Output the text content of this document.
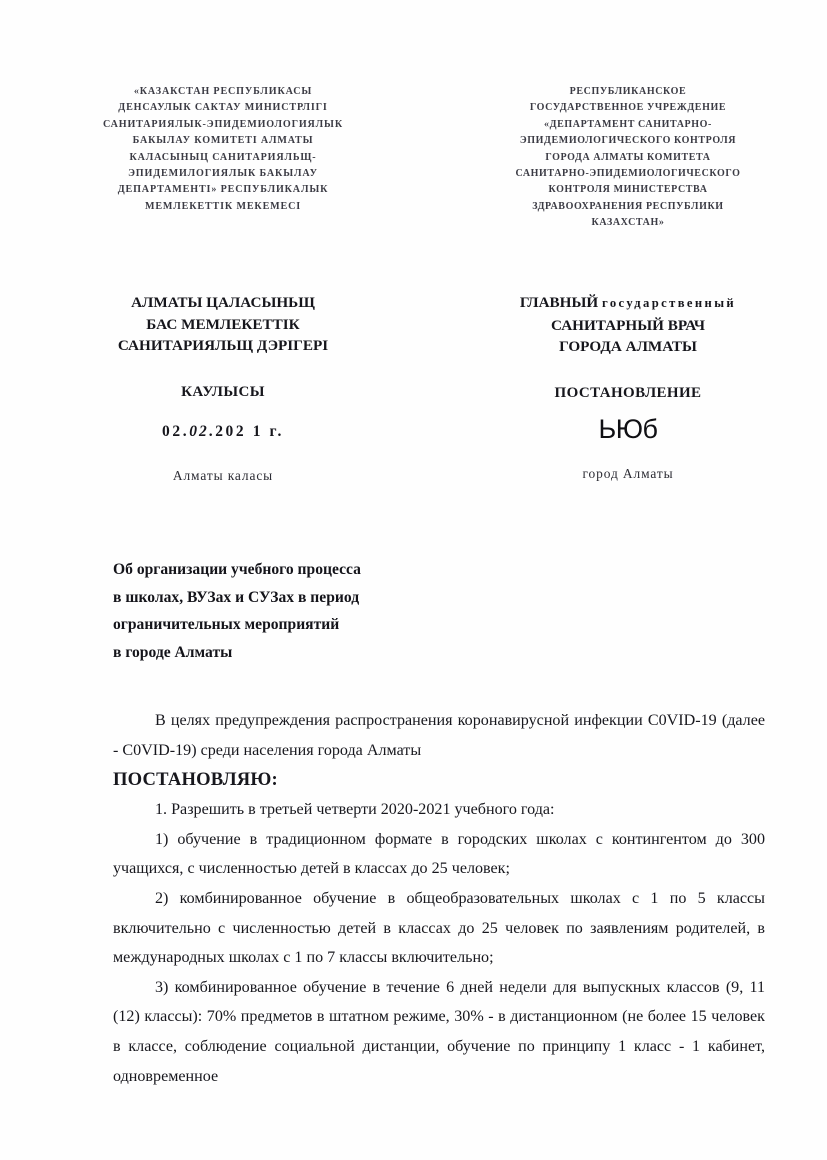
«КАЗАКСТАН РЕСПУБЛИКАСЫ
ДЕНСАУЛЫК САКТАУ МИНИСТРЛIГI
САНИТАРИЯЛЫК-ЭПИДЕМИОЛОГИЯЛЫК
БАКЫЛАУ КОМИТЕТI АЛМАТЫ
КАЛАСЫНЫЦ САНИТАРИЯЛЬЩ-
ЭПИДЕМИЛОГИЯЛЫК БАКЫЛАУ
ДЕПАРТАМЕНТI» РЕСПУБЛИКАЛЫК
МЕМЛЕКЕТТIК МЕКЕМЕСI
РЕСПУБЛИКАНСКОЕ
ГОСУДАРСТВЕННОЕ УЧРЕЖДЕНИЕ
«ДЕПАРТАМЕНТ САНИТАРНО-
ЭПИДЕМИОЛОГИЧЕСКОГО КОНТРОЛЯ
ГОРОДА АЛМАТЫ КОМИТЕТА
САНИТАРНО-ЭПИДЕМИОЛОГИЧЕСКОГО
КОНТРОЛЯ МИНИСТЕРСТВА
ЗДРАВООХРАНЕНИЯ РЕСПУБЛИКИ
КАЗАХСТАН»
АЛМАТЫ ЦАЛАСЫНЬЩ
БАС МЕМЛЕКЕТТIК
САНИТАРИЯЛЬЩ ДЭРIГЕРI
КАУЛЫСЫ
02.02.202 1 г.
Алматы каласы
ГЛАВНЫЙ государственный
САНИТАРНЫЙ ВРАЧ
ГОРОДА АЛМАТЫ
ПОСТАНОВЛЕНИЕ
ЬЮб
город Алматы
Об организации учебного процесса
в школах, ВУЗах и СУЗах в период
ограничительных мероприятий
в городе Алматы

В целях предупреждения распространения коронавирусной инфекции C0VID-19 (далее - C0VID-19) среди населения города Алматы

ПОСТАНОВЛЯЮ:

1. Разрешить в третьей четверти 2020-2021 учебного года:

1) обучение в традиционном формате в городских школах с контингентом до 300 учащихся, с численностью детей в классах до 25 человек;

2) комбинированное обучение в общеобразовательных школах с 1 по 5 классы включительно с численностью детей в классах до 25 человек по заявлениям родителей, в международных школах с 1 по 7 классы включительно;

3) комбинированное обучение в течение 6 дней недели для выпускных классов (9, 11 (12) классы): 70% предметов в штатном режиме, 30% - в дистанционном (не более 15 человек в классе, соблюдение социальной дистанции, обучение по принципу 1 класс - 1 кабинет, одновременное
